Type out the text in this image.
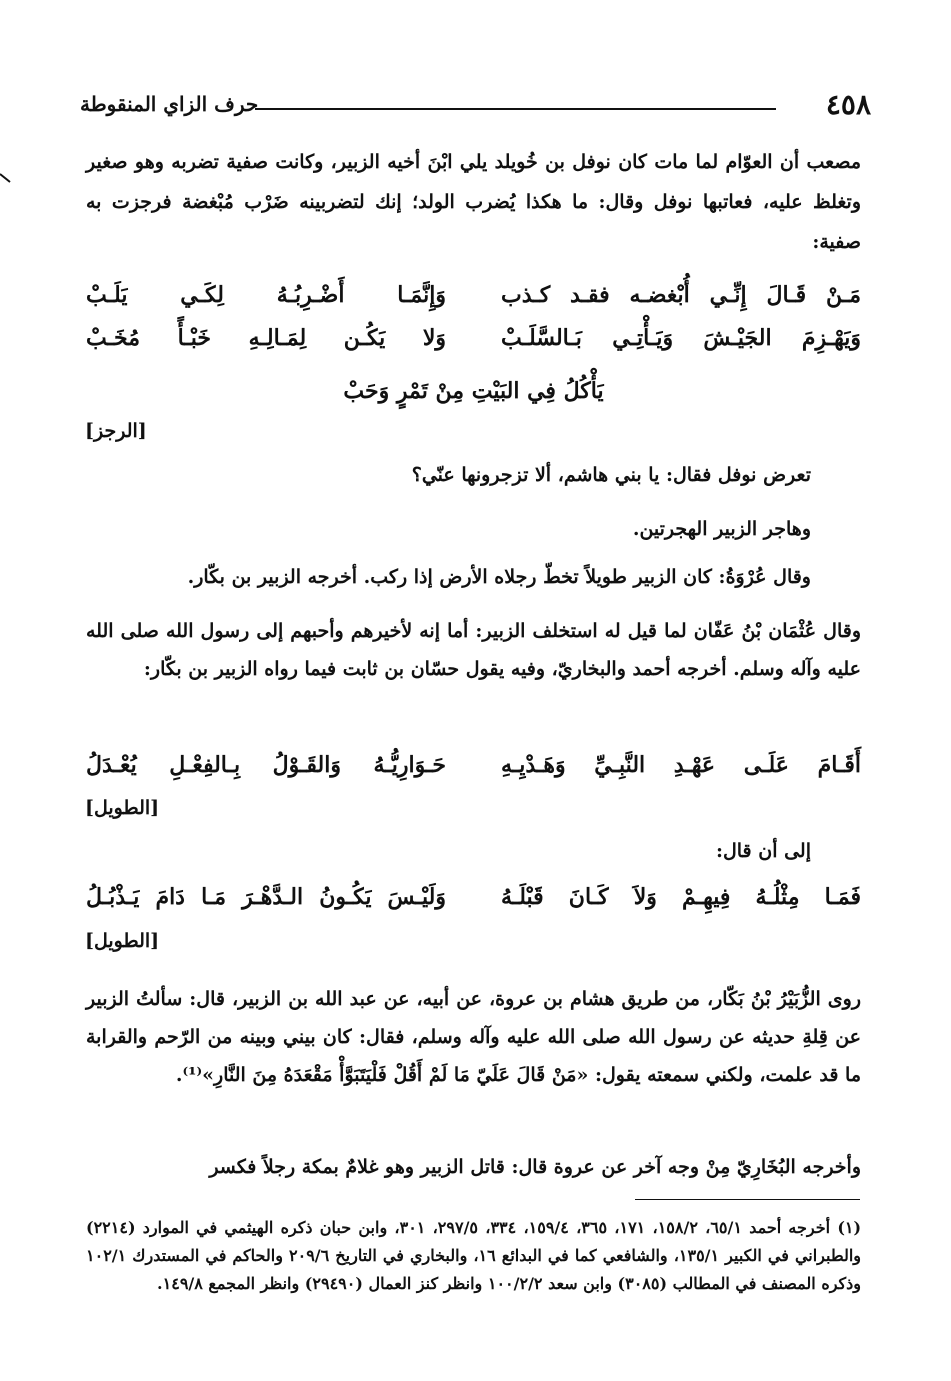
٤٥٨
حرف الزاي المنقوطة
مصعب أن العوّام لما مات كان نوفل بن خُويلد يلي ابْنَ أخيه الزبير، وكانت صفية تضربه وهو صغير وتغلظ عليه، فعاتبها نوفل وقال: ما هكذا يُضرب الولد؛ إنك لتضربينه ضَرْب مُبْغضة فرجزت به صفية:
مَـنْ قَـالَ إِنِّـي أُبْغضـه فقـد كـذب
وَإِنَّمَـا أَضْـرِبُـهُ لِكَـي يَلَـبْ
وَيَهْـزِمَ الجَيْـشَ وَيَـأْتِـي بَـالسَّلَـبْ
وَلا يَكُـن لِمَـالِـهِ خَبْـأً مُخَـبْ
يَأْكُلُ فِي البَيْتِ مِنْ تَمْرٍ وَحَبْ
[الرجز]
تعرض نوفل فقال: يا بني هاشم، ألا تزجرونها عنّي؟
وهاجر الزبير الهجرتين.
وقال عُرْوَةُ: كان الزبير طويلاً تخطّ رجلاه الأرض إذا ركب. أخرجه الزبير بن بكّار.
وقال عُثْمَان بْنُ عَفّان لما قيل له استخلف الزبير: أما إنه لأخيرهم وأحبهم إلى رسول الله صلى الله عليه وآله وسلم. أخرجه أحمد والبخاريّ، وفيه يقول حسّان بن ثابت فيما رواه الزبير بن بكّار:
أَقَـامَ عَلَـى عَهْـدِ النَّبِـيِّ وَهَـدْيِـهِ
حَـوَارِيُّـهُ وَالقَـوْلُ بِـالفِعْـلِ يُعْـدَلُ
[الطويل]
إلى أن قال:
فَمَـا مِثْلُـهُ فِيهِـمْ وَلاَ كَـانَ قَبْلَـهُ
وَلَيْـسَ يَكُـونُ الـدَّهْـرَ مَـا دَامَ يَـذْبُـلُ
[الطويل]
روى الزُّبَيْرُ بْنُ بَكّار، من طريق هشام بن عروة، عن أبيه، عن عبد الله بن الزبير، قال: سألتُ الزبير عن قِلةِ حديثه عن رسول الله صلى الله عليه وآله وسلم، فقال: كان بيني وبينه من الرّحم والقرابة ما قد علمت، ولكني سمعته يقول: «مَنْ قَالَ عَلَيّ مَا لَمْ أَقُلْ فَلْيَتَبَوَّأْ مَقْعَدَهُ مِنَ النَّارِ»⁽¹⁾.
وأخرجه البُخَارِيّ مِنْ وجه آخر عن عروة قال: قاتل الزبير وهو غلامٌ بمكة رجلاً فكسر
(١) أخرجه أحمد ٦٥/١، ١٥٨/٢، ١٧١، ٣٦٥، ١٥٩/٤، ٣٣٤، ٢٩٧/٥، ٣٠١، وابن حبان ذكره الهيثمي في الموارد (٢٢١٤) والطبراني في الكبير ١٣٥/١، والشافعي كما في البدائع ١٦، والبخاري في التاريخ ٢٠٩/٦ والحاكم في المستدرك ١٠٢/١ وذكره المصنف في المطالب (٣٠٨٥) وابن سعد ١٠٠/٢/٢ وانظر كنز العمال (٢٩٤٩٠) وانظر المجمع ١٤٩/٨.
